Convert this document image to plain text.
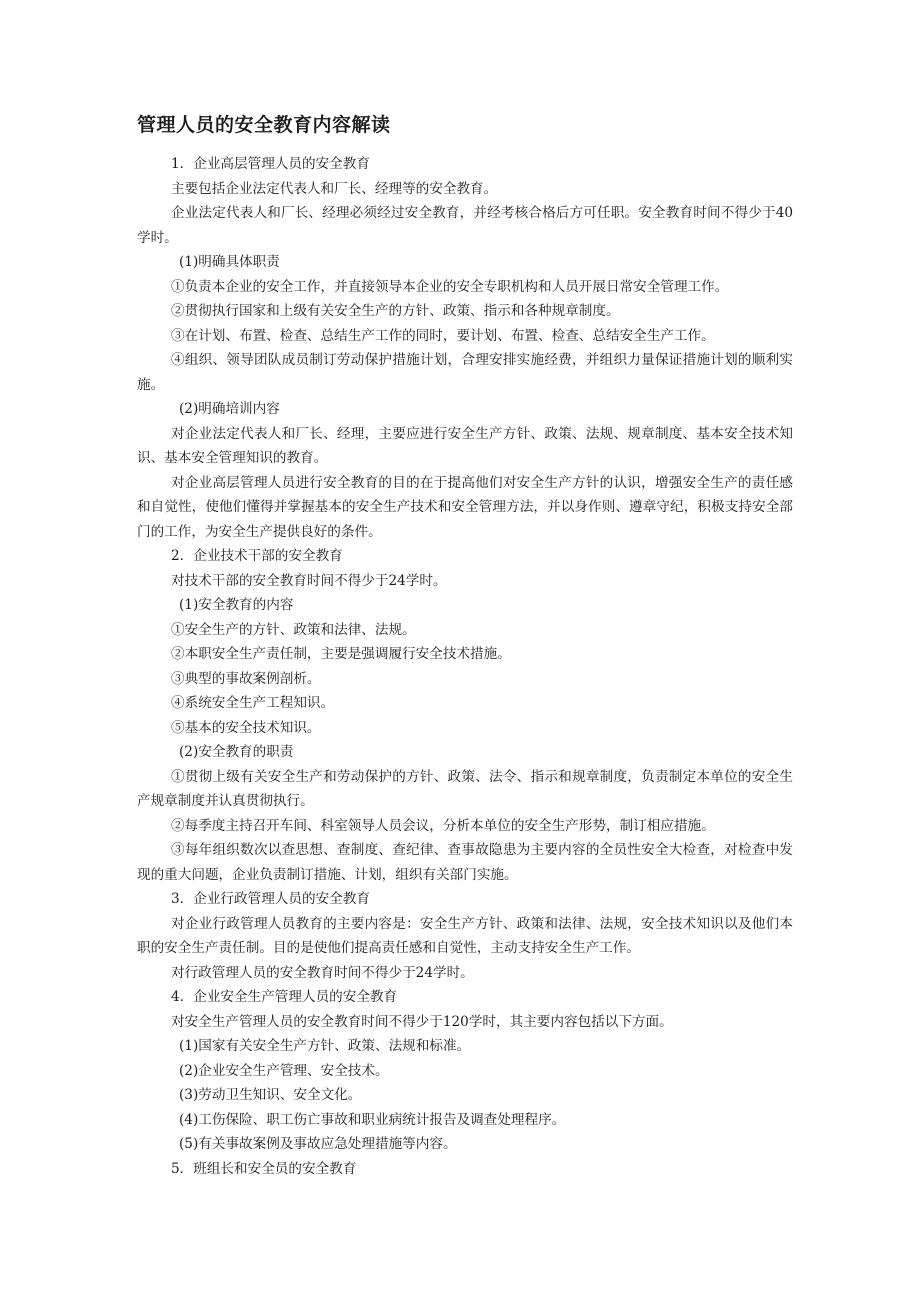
管理人员的安全教育内容解读

1．企业高层管理人员的安全教育

主要包括企业法定代表人和厂长、经理等的安全教育。

企业法定代表人和厂长、经理必须经过安全教育，并经考核合格后方可任职。安全教育时间不得少于40学时。

(1)明确具体职责

①负责本企业的安全工作，并直接领导本企业的安全专职机构和人员开展日常安全管理工作。

②贯彻执行国家和上级有关安全生产的方针、政策、指示和各种规章制度。

③在计划、布置、检查、总结生产工作的同时，要计划、布置、检查、总结安全生产工作。

④组织、领导团队成员制订劳动保护措施计划，合理安排实施经费，并组织力量保证措施计划的顺利实施。

(2)明确培训内容

对企业法定代表人和厂长、经理，主要应进行安全生产方针、政策、法规、规章制度、基本安全技术知识、基本安全管理知识的教育。

对企业高层管理人员进行安全教育的目的在于提高他们对安全生产方针的认识，增强安全生产的责任感和自觉性，使他们懂得并掌握基本的安全生产技术和安全管理方法，并以身作则、遵章守纪，积极支持安全部门的工作，为安全生产提供良好的条件。

2．企业技术干部的安全教育

对技术干部的安全教育时间不得少于24学时。

(1)安全教育的内容

①安全生产的方针、政策和法律、法规。

②本职安全生产责任制，主要是强调履行安全技术措施。

③典型的事故案例剖析。

④系统安全生产工程知识。

⑤基本的安全技术知识。

(2)安全教育的职责

①贯彻上级有关安全生产和劳动保护的方针、政策、法令、指示和规章制度，负责制定本单位的安全生产规章制度并认真贯彻执行。

②每季度主持召开车间、科室领导人员会议，分析本单位的安全生产形势，制订相应措施。

③每年组织数次以查思想、查制度、查纪律、查事故隐患为主要内容的全员性安全大检查，对检查中发现的重大问题，企业负责制订措施、计划，组织有关部门实施。

3．企业行政管理人员的安全教育

对企业行政管理人员教育的主要内容是：安全生产方针、政策和法律、法规，安全技术知识以及他们本职的安全生产责任制。目的是使他们提高责任感和自觉性，主动支持安全生产工作。

对行政管理人员的安全教育时间不得少于24学时。

4．企业安全生产管理人员的安全教育

对安全生产管理人员的安全教育时间不得少于120学时，其主要内容包括以下方面。

(1)国家有关安全生产方针、政策、法规和标准。

(2)企业安全生产管理、安全技术。

(3)劳动卫生知识、安全文化。

(4)工伤保险、职工伤亡事故和职业病统计报告及调查处理程序。

(5)有关事故案例及事故应急处理措施等内容。

5．班组长和安全员的安全教育
